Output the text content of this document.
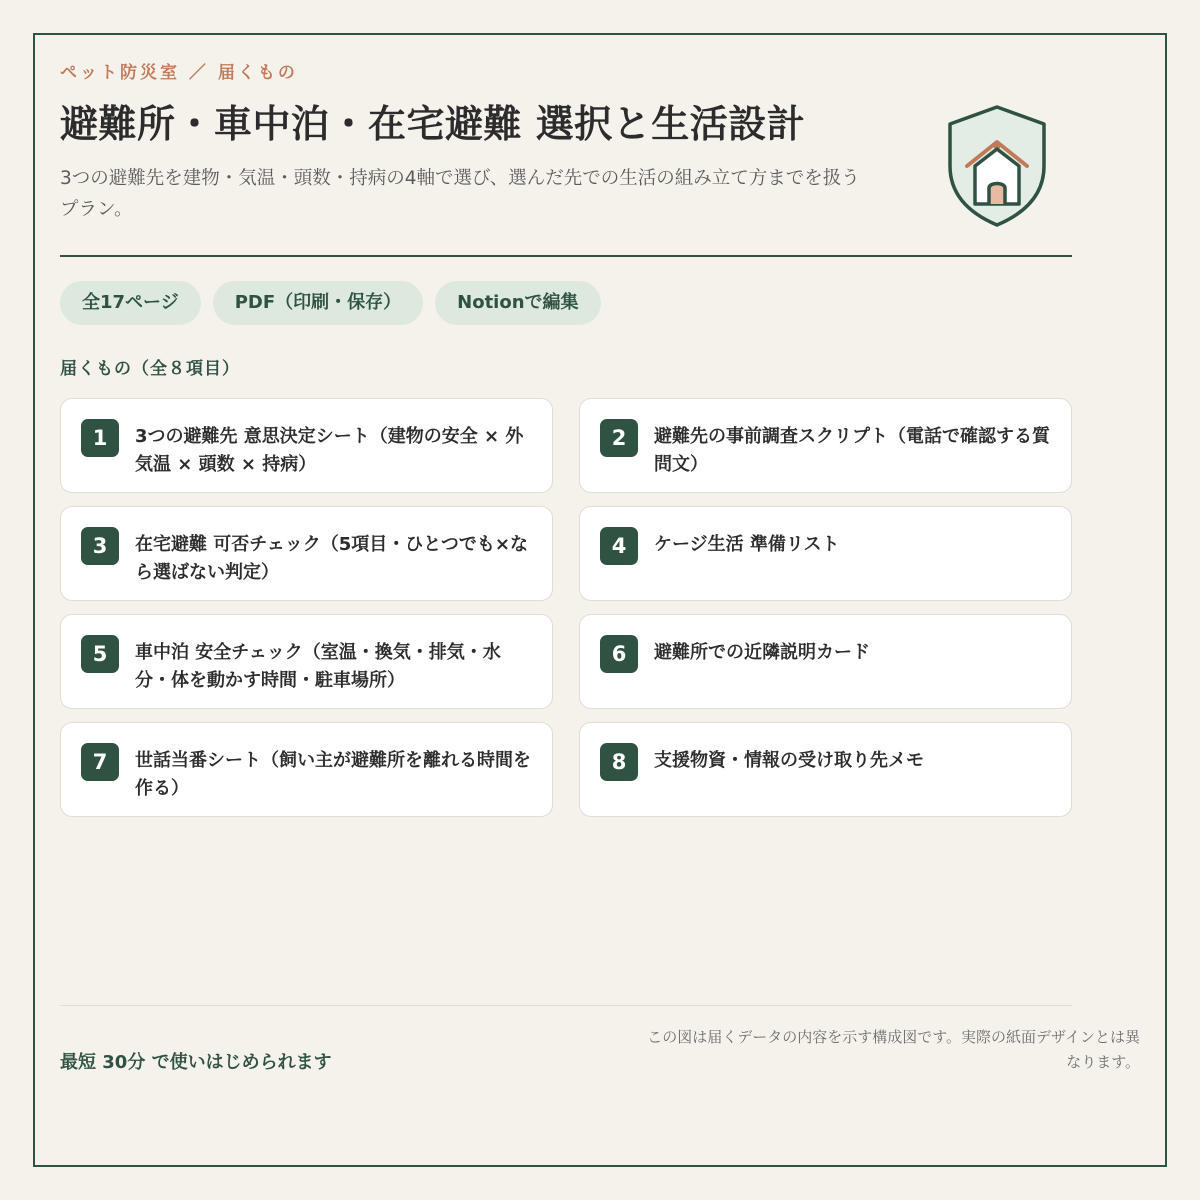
ペット防災室 ／ 届くもの
避難所・車中泊・在宅避難 選択と生活設計

3つの避難先を建物・気温・頭数・持病の4軸で選び、選んだ先での生活の組み立て方までを扱うプラン。

全17ページ	PDF（印刷・保存）	Notionで編集
届くもの（全８項目）
1	3つの避難先 意思決定シート（建物の安全 × 外気温 × 頭数 × 持病）
2	避難先の事前調査スクリプト（電話で確認する質問文）
3	在宅避難 可否チェック（5項目・ひとつでも×なら選ばない判定）
4	ケージ生活 準備リスト
5	車中泊 安全チェック（室温・換気・排気・水分・体を動かす時間・駐車場所）
6	避難所での近隣説明カード
7	世話当番シート（飼い主が避難所を離れる時間を作る）
8	支援物資・情報の受け取り先メモ
最短 30分 で使いはじめられます
この図は届くデータの内容を示す構成図です。実際の紙面デザインとは異なります。
